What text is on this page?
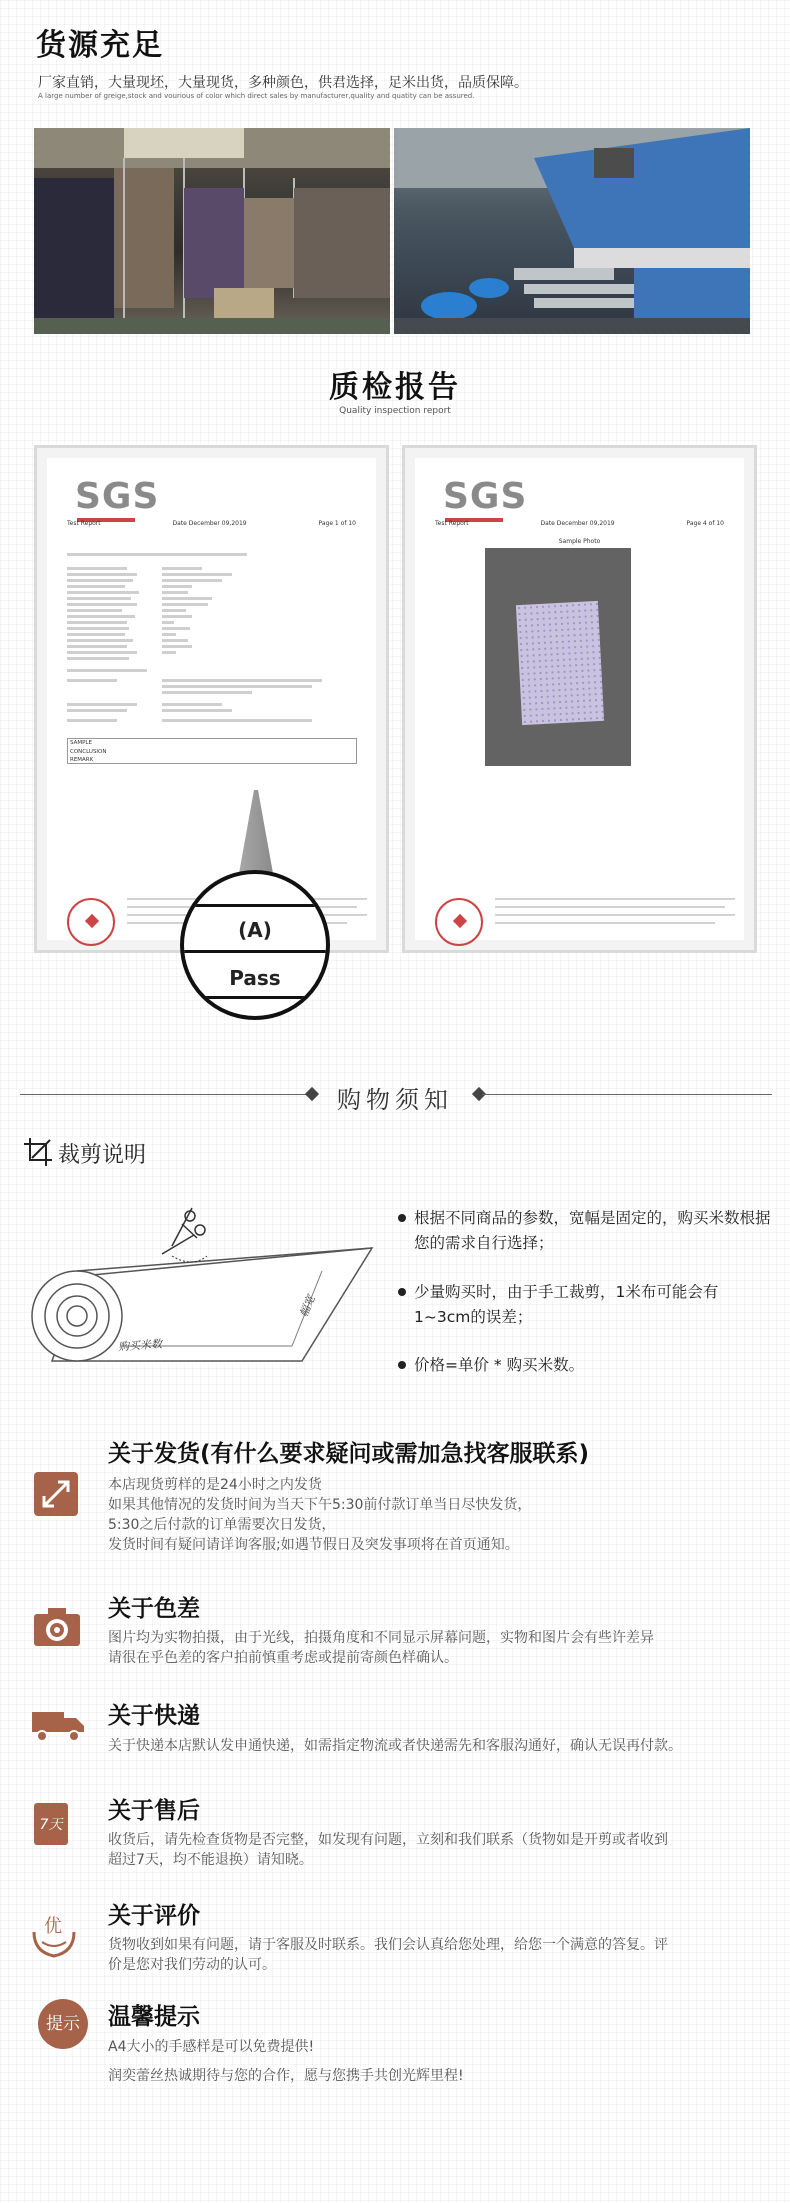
货源充足
厂家直销，大量现坯，大量现货，多种颜色，供君选择，足米出货，品质保障。
A large number of greige,stock and vourious of color which direct sales by manufacturer,quality and quatity can be assured.
质检报告
Quality inspection report
SGS
Test Report	Date December 09,2019	Page 1 of 10
SAMPLE
CONCLUSION
REMARK
SGS
Test Report	Date December 09,2019	Page 4 of 10
Sample Photo
(A)
Pass
购物须知
裁剪说明
购买米数
幅宽
根据不同商品的参数，宽幅是固定的，购买米数根据您的需求自行选择；
少量购买时，由于手工裁剪，1米布可能会有1~3cm的误差；
价格=单价 * 购买米数。
关于发货(有什么要求疑问或需加急找客服联系)
本店现货剪样的是24小时之内发货
如果其他情况的发货时间为当天下午5:30前付款订单当日尽快发货，
5:30之后付款的订单需要次日发货，
发货时间有疑问请详询客服;如遇节假日及突发事项将在首页通知。
关于色差
图片均为实物拍摄，由于光线，拍摄角度和不同显示屏幕问题，实物和图片会有些许差异
请很在乎色差的客户拍前慎重考虑或提前寄颜色样确认。
关于快递
关于快递本店默认发申通快递，如需指定物流或者快递需先和客服沟通好，确认无误再付款。
7天
关于售后
收货后，请先检查货物是否完整，如发现有问题，立刻和我们联系（货物如是开剪或者收到
超过7天，均不能退换）请知晓。
优 关于评价
货物收到如果有问题，请于客服及时联系。我们会认真给您处理，给您一个满意的答复。评
价是您对我们劳动的认可。
提示	温馨提示
A4大小的手感样是可以免费提供!
润奕蕾丝热诚期待与您的合作，愿与您携手共创光辉里程!
